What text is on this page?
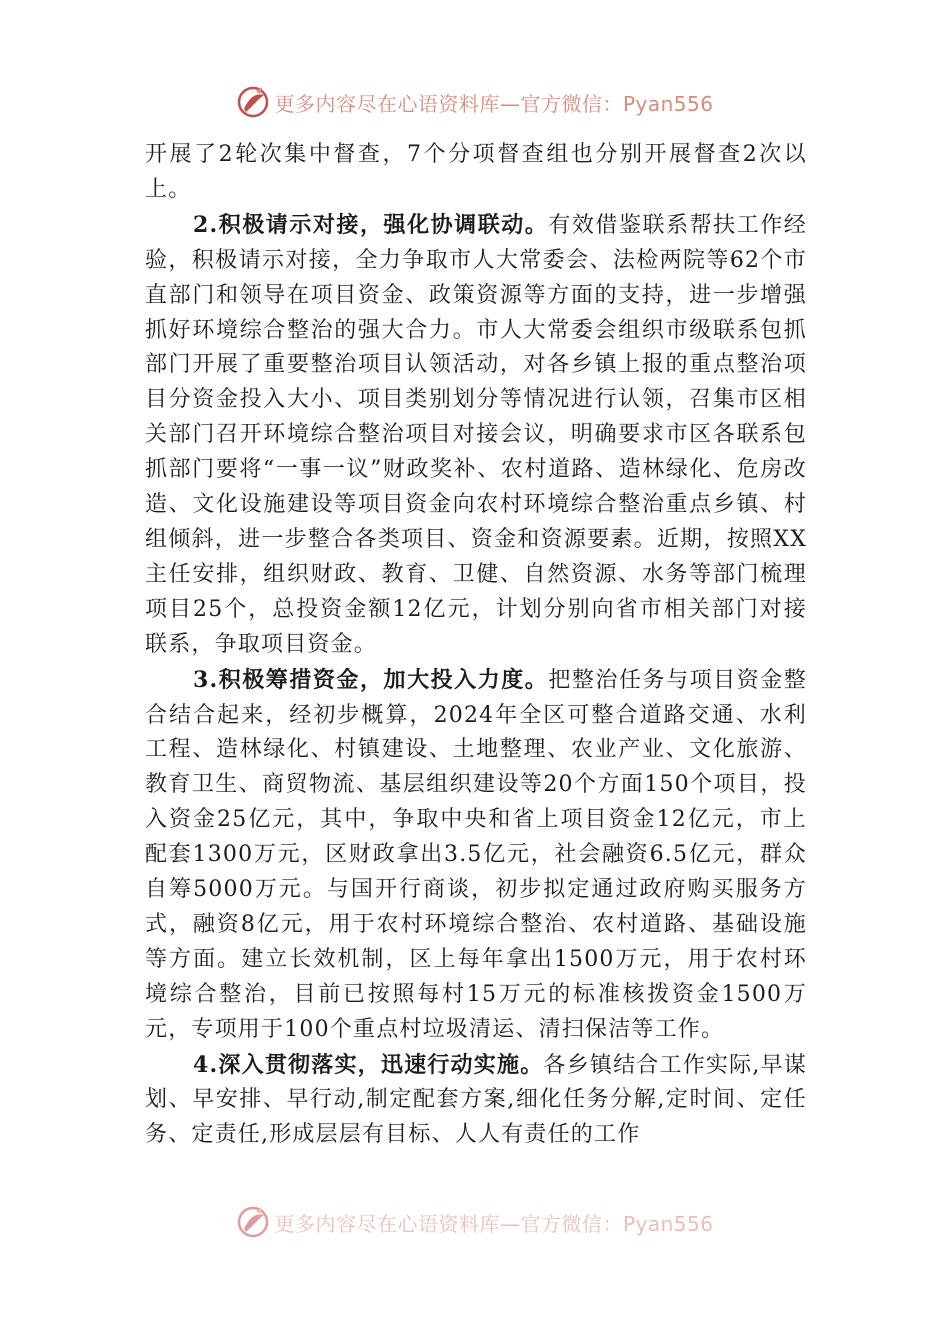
更多内容尽在心语资料库—官方微信：Pyan556

开展了2轮次集中督查，7个分项督查组也分别开展督查2次以上。

2.积极请示对接，强化协调联动。有效借鉴联系帮扶工作经验，积极请示对接，全力争取市人大常委会、法检两院等62个市直部门和领导在项目资金、政策资源等方面的支持，进一步增强抓好环境综合整治的强大合力。市人大常委会组织市级联系包抓部门开展了重要整治项目认领活动，对各乡镇上报的重点整治项目分资金投入大小、项目类别划分等情况进行认领，召集市区相关部门召开环境综合整治项目对接会议，明确要求市区各联系包抓部门要将“一事一议”财政奖补、农村道路、造林绿化、危房改造、文化设施建设等项目资金向农村环境综合整治重点乡镇、村组倾斜，进一步整合各类项目、资金和资源要素。近期，按照XX主任安排，组织财政、教育、卫健、自然资源、水务等部门梳理项目25个，总投资金额12亿元，计划分别向省市相关部门对接联系，争取项目资金。

3.积极筹措资金，加大投入力度。把整治任务与项目资金整合结合起来，经初步概算，2024年全区可整合道路交通、水利工程、造林绿化、村镇建设、土地整理、农业产业、文化旅游、教育卫生、商贸物流、基层组织建设等20个方面150个项目，投入资金25亿元，其中，争取中央和省上项目资金12亿元，市上配套1300万元，区财政拿出3.5亿元，社会融资6.5亿元，群众自筹5000万元。与国开行商谈，初步拟定通过政府购买服务方式，融资8亿元，用于农村环境综合整治、农村道路、基础设施等方面。建立长效机制，区上每年拿出1500万元，用于农村环境综合整治，目前已按照每村15万元的标准核拨资金1500万元，专项用于100个重点村垃圾清运、清扫保洁等工作。

4.深入贯彻落实，迅速行动实施。各乡镇结合工作实际,早谋划、早安排、早行动,制定配套方案,细化任务分解,定时间、定任务、定责任,形成层层有目标、人人有责任的工作

更多内容尽在心语资料库—官方微信：Pyan556
